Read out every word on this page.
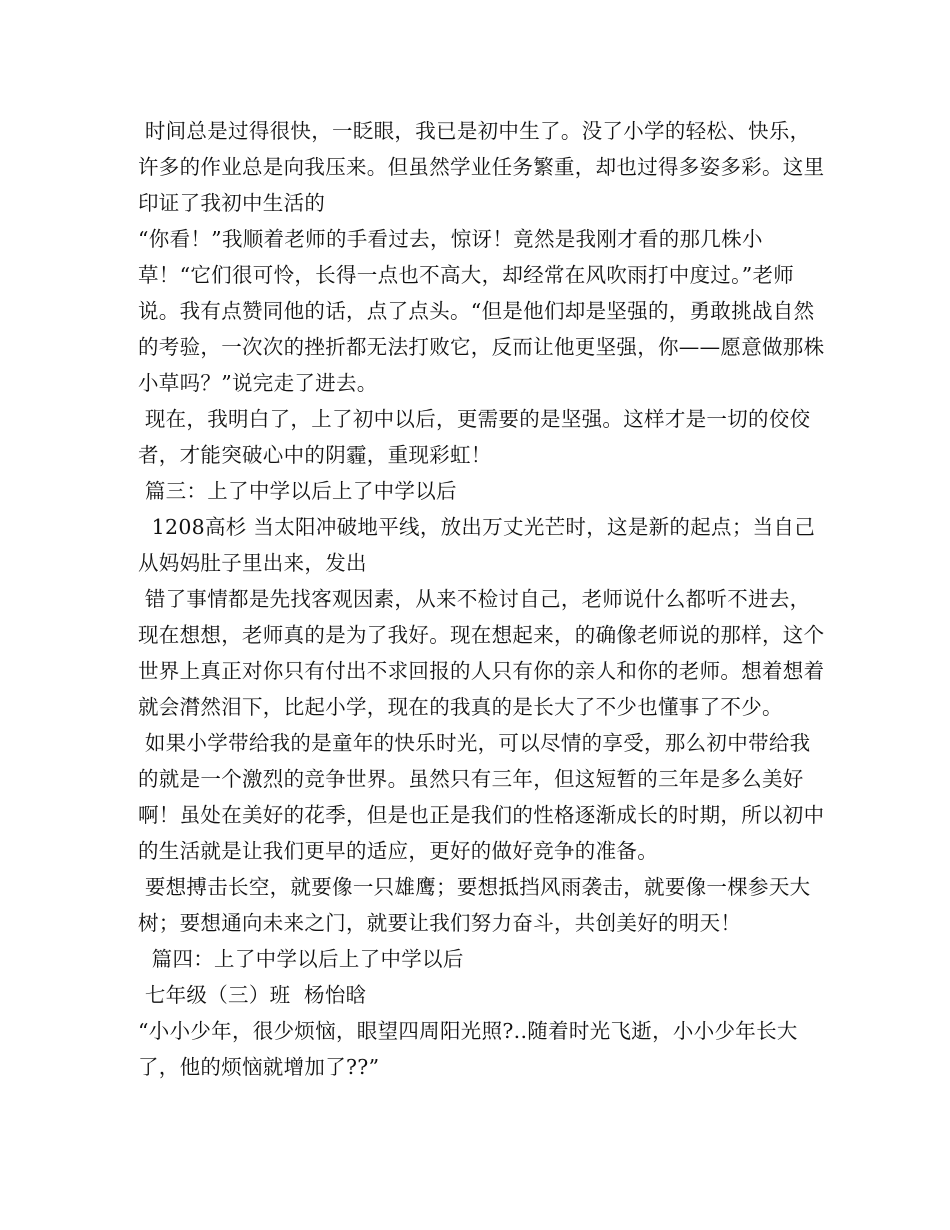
时间总是过得很快，一眨眼，我已是初中生了。没了小学的轻松、快乐，许多的作业总是向我压来。但虽然学业任务繁重，却也过得多姿多彩。这里印证了我初中生活的

“你看！”我顺着老师的手看过去，惊讶！竟然是我刚才看的那几株小草！“它们很可怜，长得一点也不高大，却经常在风吹雨打中度过。”老师说。我有点赞同他的话，点了点头。“但是他们却是坚强的，勇敢挑战自然的考验，一次次的挫折都无法打败它，反而让他更坚强，你——愿意做那株小草吗？”说完走了进去。

现在，我明白了，上了初中以后，更需要的是坚强。这样才是一切的佼佼者，才能突破心中的阴霾，重现彩虹！

篇三：上了中学以后上了中学以后

1208高杉 当太阳冲破地平线，放出万丈光芒时，这是新的起点；当自己从妈妈肚子里出来，发出

错了事情都是先找客观因素，从来不检讨自己，老师说什么都听不进去，现在想想，老师真的是为了我好。现在想起来，的确像老师说的那样，这个世界上真正对你只有付出不求回报的人只有你的亲人和你的老师。想着想着就会潸然泪下，比起小学，现在的我真的是长大了不少也懂事了不少。

如果小学带给我的是童年的快乐时光，可以尽情的享受，那么初中带给我的就是一个激烈的竞争世界。虽然只有三年，但这短暂的三年是多么美好啊！虽处在美好的花季，但是也正是我们的性格逐渐成长的时期，所以初中的生活就是让我们更早的适应，更好的做好竞争的准备。

要想搏击长空，就要像一只雄鹰；要想抵挡风雨袭击，就要像一棵参天大树；要想通向未来之门，就要让我们努力奋斗，共创美好的明天！

篇四：上了中学以后上了中学以后

七年级（三）班  杨怡晗

“小小少年，很少烦恼，眼望四周阳光照?..随着时光飞逝，小小少年长大了，他的烦恼就增加了??”
